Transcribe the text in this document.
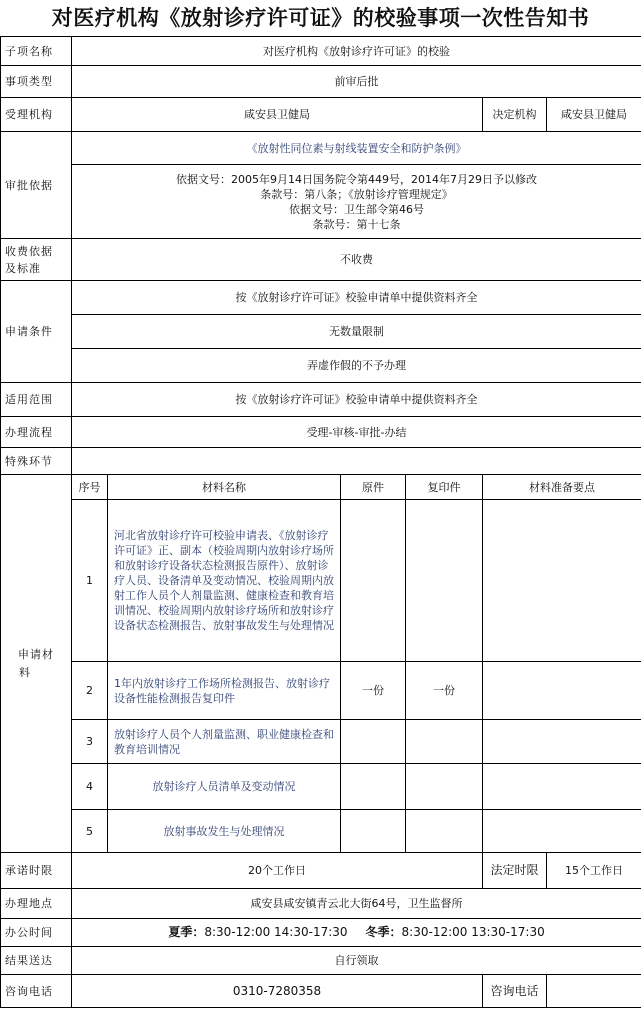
对医疗机构《放射诊疗许可证》的校验事项一次性告知书
子项名称	对医疗机构《放射诊疗许可证》的校验					
事项类型	前审后批					
受理机构	咸安县卫健局				决定机构	咸安县卫健局
审批依据	《放射性同位素与射线装置安全和防护条例》					

	依据文号：2005年9月14日国务院令第449号，2014年7月29日予以修改
条款号：第八条；《放射诊疗管理规定》
依据文号：卫生部令第46号
条款号：第十七条					

收费依据
及标准	不收费					
申请条件	按《放射诊疗许可证》校验申请单中提供资料齐全					
	无数量限制					
	弄虚作假的不予办理					
适用范围	按《放射诊疗许可证》校验申请单中提供资料齐全					
办理流程	受理-审核-审批-办结					
特殊环节						

申请材
料	序号	材料名称	原件	复印件	材料准备要点	
	1	河北省放射诊疗许可校验申请表、《放射诊疗许可证》正、副本（校验周期内放射诊疗场所和放射诊疗设备状态检测报告原件）、放射诊疗人员、设备清单及变动情况、校验周期内放射工作人员个人剂量监测、健康检查和教育培训情况、校验周期内放射诊疗场所和放射诊疗设备状态检测报告、放射事故发生与处理情况				
	2	1年内放射诊疗工作场所检测报告、放射诊疗设备性能检测报告复印件	一份	一份		
	3	放射诊疗人员个人剂量监测、职业健康检查和教育培训情况				
	4	放射诊疗人员清单及变动情况				
	5	放射事故发生与处理情况				
承诺时限	20个工作日				法定时限	15个工作日
办理地点	咸安县咸安镇青云北大街64号，卫生监督所					
办公时间	夏季：8:30-12:00 14:30-17:30 冬季：8:30-12:00 13:30-17:30					
结果送达	自行领取					
咨询电话	0310-7280358				咨询电话	
